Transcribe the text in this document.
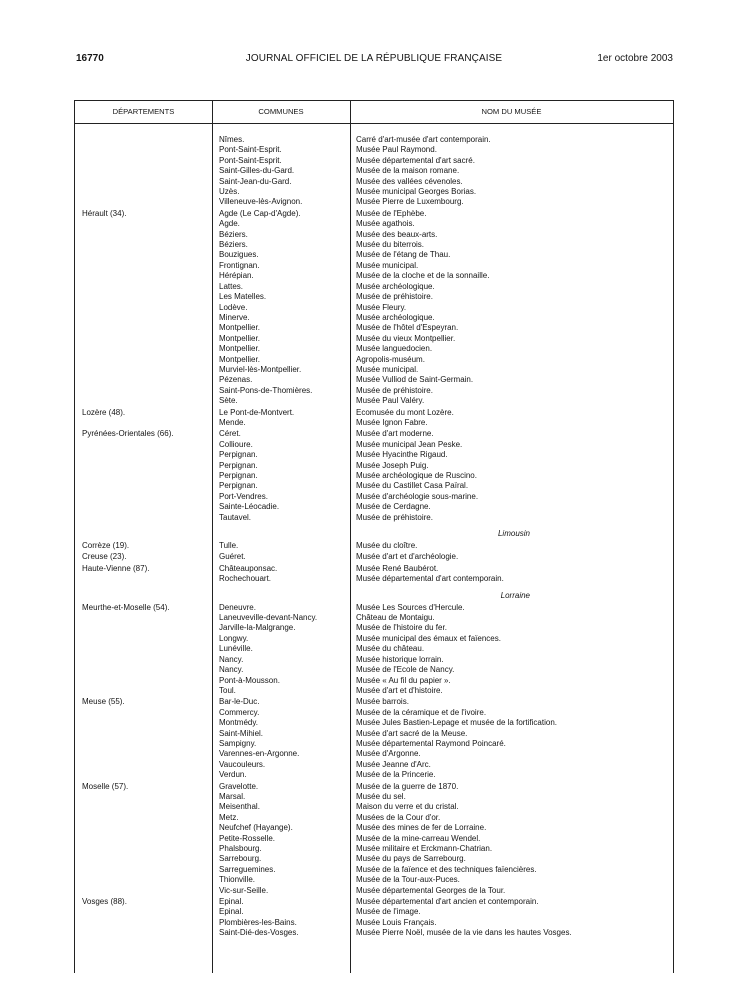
16770	JOURNAL OFFICIEL DE LA RÉPUBLIQUE FRANÇAISE	1er octobre 2003
DÉPARTEMENTS	COMMUNES	NOM DU MUSÉE
Nîmes.	Carré d'art-musée d'art contemporain.
Pont-Saint-Esprit.	Musée Paul Raymond.
Pont-Saint-Esprit.	Musée départemental d'art sacré.
Saint-Gilles-du-Gard.	Musée de la maison romane.
Saint-Jean-du-Gard.	Musée des vallées cévenoles.
Uzès.	Musée municipal Georges Borias.
Villeneuve-lès-Avignon.	Musée Pierre de Luxembourg.
Hérault (34).	Agde (Le Cap-d'Agde).	Musée de l'Ephèbe.
Agde.	Musée agathois.
Béziers.	Musée des beaux-arts.
Béziers.	Musée du biterrois.
Bouzigues.	Musée de l'étang de Thau.
Frontignan.	Musée municipal.
Hérépian.	Musée de la cloche et de la sonnaille.
Lattes.	Musée archéologique.
Les Matelles.	Musée de préhistoire.
Lodève.	Musée Fleury.
Minerve.	Musée archéologique.
Montpellier.	Musée de l'hôtel d'Espeyran.
Montpellier.	Musée du vieux Montpellier.
Montpellier.	Musée languedocien.
Montpellier.	Agropolis-muséum.
Murviel-lès-Montpellier.	Musée municipal.
Pézenas.	Musée Vulliod de Saint-Germain.
Saint-Pons-de-Thomières.	Musée de préhistoire.
Sète.	Musée Paul Valéry.
Lozère (48).	Le Pont-de-Montvert.	Ecomusée du mont Lozère.
Mende.	Musée Ignon Fabre.
Pyrénées-Orientales (66).	Céret.	Musée d'art moderne.
Collioure.	Musée municipal Jean Peske.
Perpignan.	Musée Hyacinthe Rigaud.
Perpignan.	Musée Joseph Puig.
Perpignan.	Musée archéologique de Ruscino.
Perpignan.	Musée du Castillet Casa Païral.
Port-Vendres.	Musée d'archéologie sous-marine.
Sainte-Léocadie.	Musée de Cerdagne.
Tautavel.	Musée de préhistoire.
Limousin
Corrèze (19).	Tulle.	Musée du cloître.
Creuse (23).	Guéret.	Musée d'art et d'archéologie.
Haute-Vienne (87).	Châteauponsac.	Musée René Baubérot.
Rochechouart.	Musée départemental d'art contemporain.
Lorraine
Meurthe-et-Moselle (54).	Deneuvre.	Musée Les Sources d'Hercule.
Laneuveville-devant-Nancy.	Château de Montaigu.
Jarville-la-Malgrange.	Musée de l'histoire du fer.
Longwy.	Musée municipal des émaux et faïences.
Lunéville.	Musée du château.
Nancy.	Musée historique lorrain.
Nancy.	Musée de l'Ecole de Nancy.
Pont-à-Mousson.	Musée « Au fil du papier ».
Toul.	Musée d'art et d'histoire.
Meuse (55).	Bar-le-Duc.	Musée barrois.
Commercy.	Musée de la céramique et de l'ivoire.
Montmédy.	Musée Jules Bastien-Lepage et musée de la fortification.
Saint-Mihiel.	Musée d'art sacré de la Meuse.
Sampigny.	Musée départemental Raymond Poincaré.
Varennes-en-Argonne.	Musée d'Argonne.
Vaucouleurs.	Musée Jeanne d'Arc.
Verdun.	Musée de la Princerie.
Moselle (57).	Gravelotte.	Musée de la guerre de 1870.
Marsal.	Musée du sel.
Meisenthal.	Maison du verre et du cristal.
Metz.	Musées de la Cour d'or.
Neufchef (Hayange).	Musée des mines de fer de Lorraine.
Petite-Rosselle.	Musée de la mine-carreau Wendel.
Phalsbourg.	Musée militaire et Erckmann-Chatrian.
Sarrebourg.	Musée du pays de Sarrebourg.
Sarreguemines.	Musée de la faïence et des techniques faïencières.
Thionville.	Musée de la Tour-aux-Puces.
Vic-sur-Seille.	Musée départemental Georges de la Tour.
Vosges (88).	Epinal.	Musée départemental d'art ancien et contemporain.
Epinal.	Musée de l'image.
Plombières-les-Bains.	Musée Louis Français.
Saint-Dié-des-Vosges.	Musée Pierre Noël, musée de la vie dans les hautes Vosges.
